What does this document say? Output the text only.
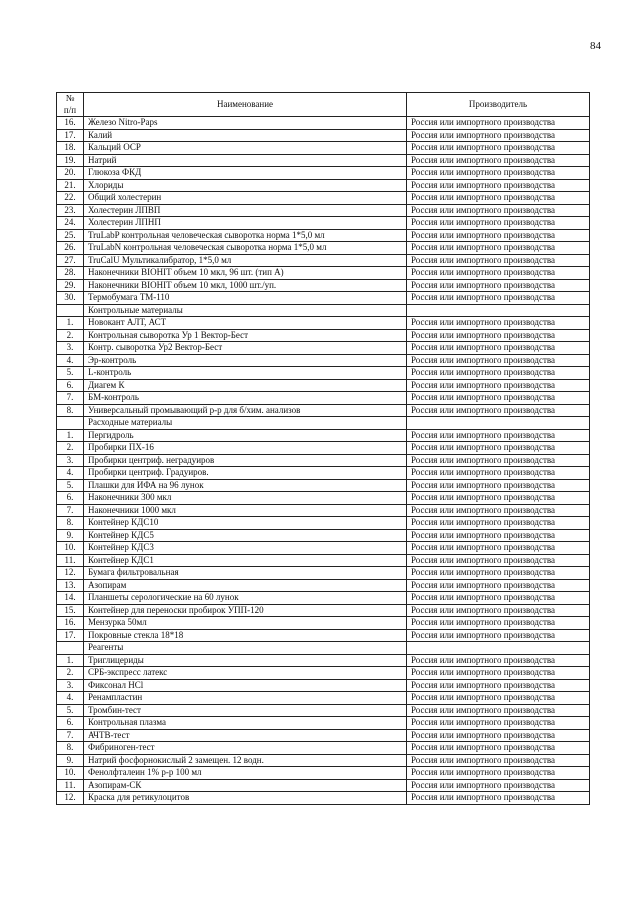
84
№
п/п	Наименование	Производитель
16.	Железо Nitro-Paps	Россия или импортного производства
17.	Калий	Россия или импортного производства
18.	Кальций ОСР	Россия или импортного производства
19.	Натрий	Россия или импортного производства
20.	Глюкоза ФКД	Россия или импортного производства
21.	Хлориды	Россия или импортного производства
22.	Общий холестерин	Россия или импортного производства
23.	Холестерин ЛПВП	Россия или импортного производства
24.	Холестерин ЛПНП	Россия или импортного производства
25.	TruLabP контрольная человеческая сыворотка норма 1*5,0 мл	Россия или импортного производства
26.	TruLabN контрольная человеческая сыворотка норма 1*5,0 мл	Россия или импортного производства
27.	TruCalU Мультикалибратор, 1*5,0 мл	Россия или импортного производства
28.	Наконечники BIOHIT объем 10 мкл, 96 шт. (тип А)	Россия или импортного производства
29.	Наконечники BIOHIT объем 10 мкл, 1000 шт./уп.	Россия или импортного производства
30.	Термобумага ТМ-110	Россия или импортного производства
	Контрольные материалы	
1.	Новокант АЛТ, АСТ	Россия или импортного производства
2.	Контрольная сыворотка Ур 1 Вектор-Бест	Россия или импортного производства
3.	Контр. сыворотка Ур2 Вектор-Бест	Россия или импортного производства
4.	Эр-контроль	Россия или импортного производства
5.	L-контроль	Россия или импортного производства
6.	Диагем К	Россия или импортного производства
7.	БМ-контроль	Россия или импортного производства
8.	Универсальный промывающий р-р для б/хим. анализов	Россия или импортного производства
	Расходные материалы	
1.	Пергидроль	Россия или импортного производства
2.	Пробирки ПХ-16	Россия или импортного производства
3.	Пробирки центриф. неградуиров	Россия или импортного производства
4.	Пробирки центриф. Градуиров.	Россия или импортного производства
5.	Плашки для ИФА на 96 лунок	Россия или импортного производства
6.	Наконечники 300 мкл	Россия или импортного производства
7.	Наконечники 1000 мкл	Россия или импортного производства
8.	Контейнер КДС10	Россия или импортного производства
9.	Контейнер КДС5	Россия или импортного производства
10.	Контейнер КДС3	Россия или импортного производства
11.	Контейнер КДС1	Россия или импортного производства
12.	Бумага фильтровальная	Россия или импортного производства
13.	Азопирам	Россия или импортного производства
14.	Планшеты серологические на 60 лунок	Россия или импортного производства
15.	Контейнер для переноски пробирок УПП-120	Россия или импортного производства
16.	Мензурка 50мл	Россия или импортного производства
17.	Покровные стекла 18*18	Россия или импортного производства
	Реагенты	
1.	Триглицериды	Россия или импортного производства
2.	СРБ-экспресс латекс	Россия или импортного производства
3.	Фиксонал HCl	Россия или импортного производства
4.	Ренампластин	Россия или импортного производства
5.	Тромбин-тест	Россия или импортного производства
6.	Контрольная плазма	Россия или импортного производства
7.	АЧТВ-тест	Россия или импортного производства
8.	Фибриноген-тест	Россия или импортного производства
9.	Натрий фосфорнокислый 2 замещен. 12 водн.	Россия или импортного производства
10.	Фенолфталеин 1% р-р 100 мл	Россия или импортного производства
11.	Азопирам-СК	Россия или импортного производства
12.	Краска для ретикулоцитов	Россия или импортного производства
